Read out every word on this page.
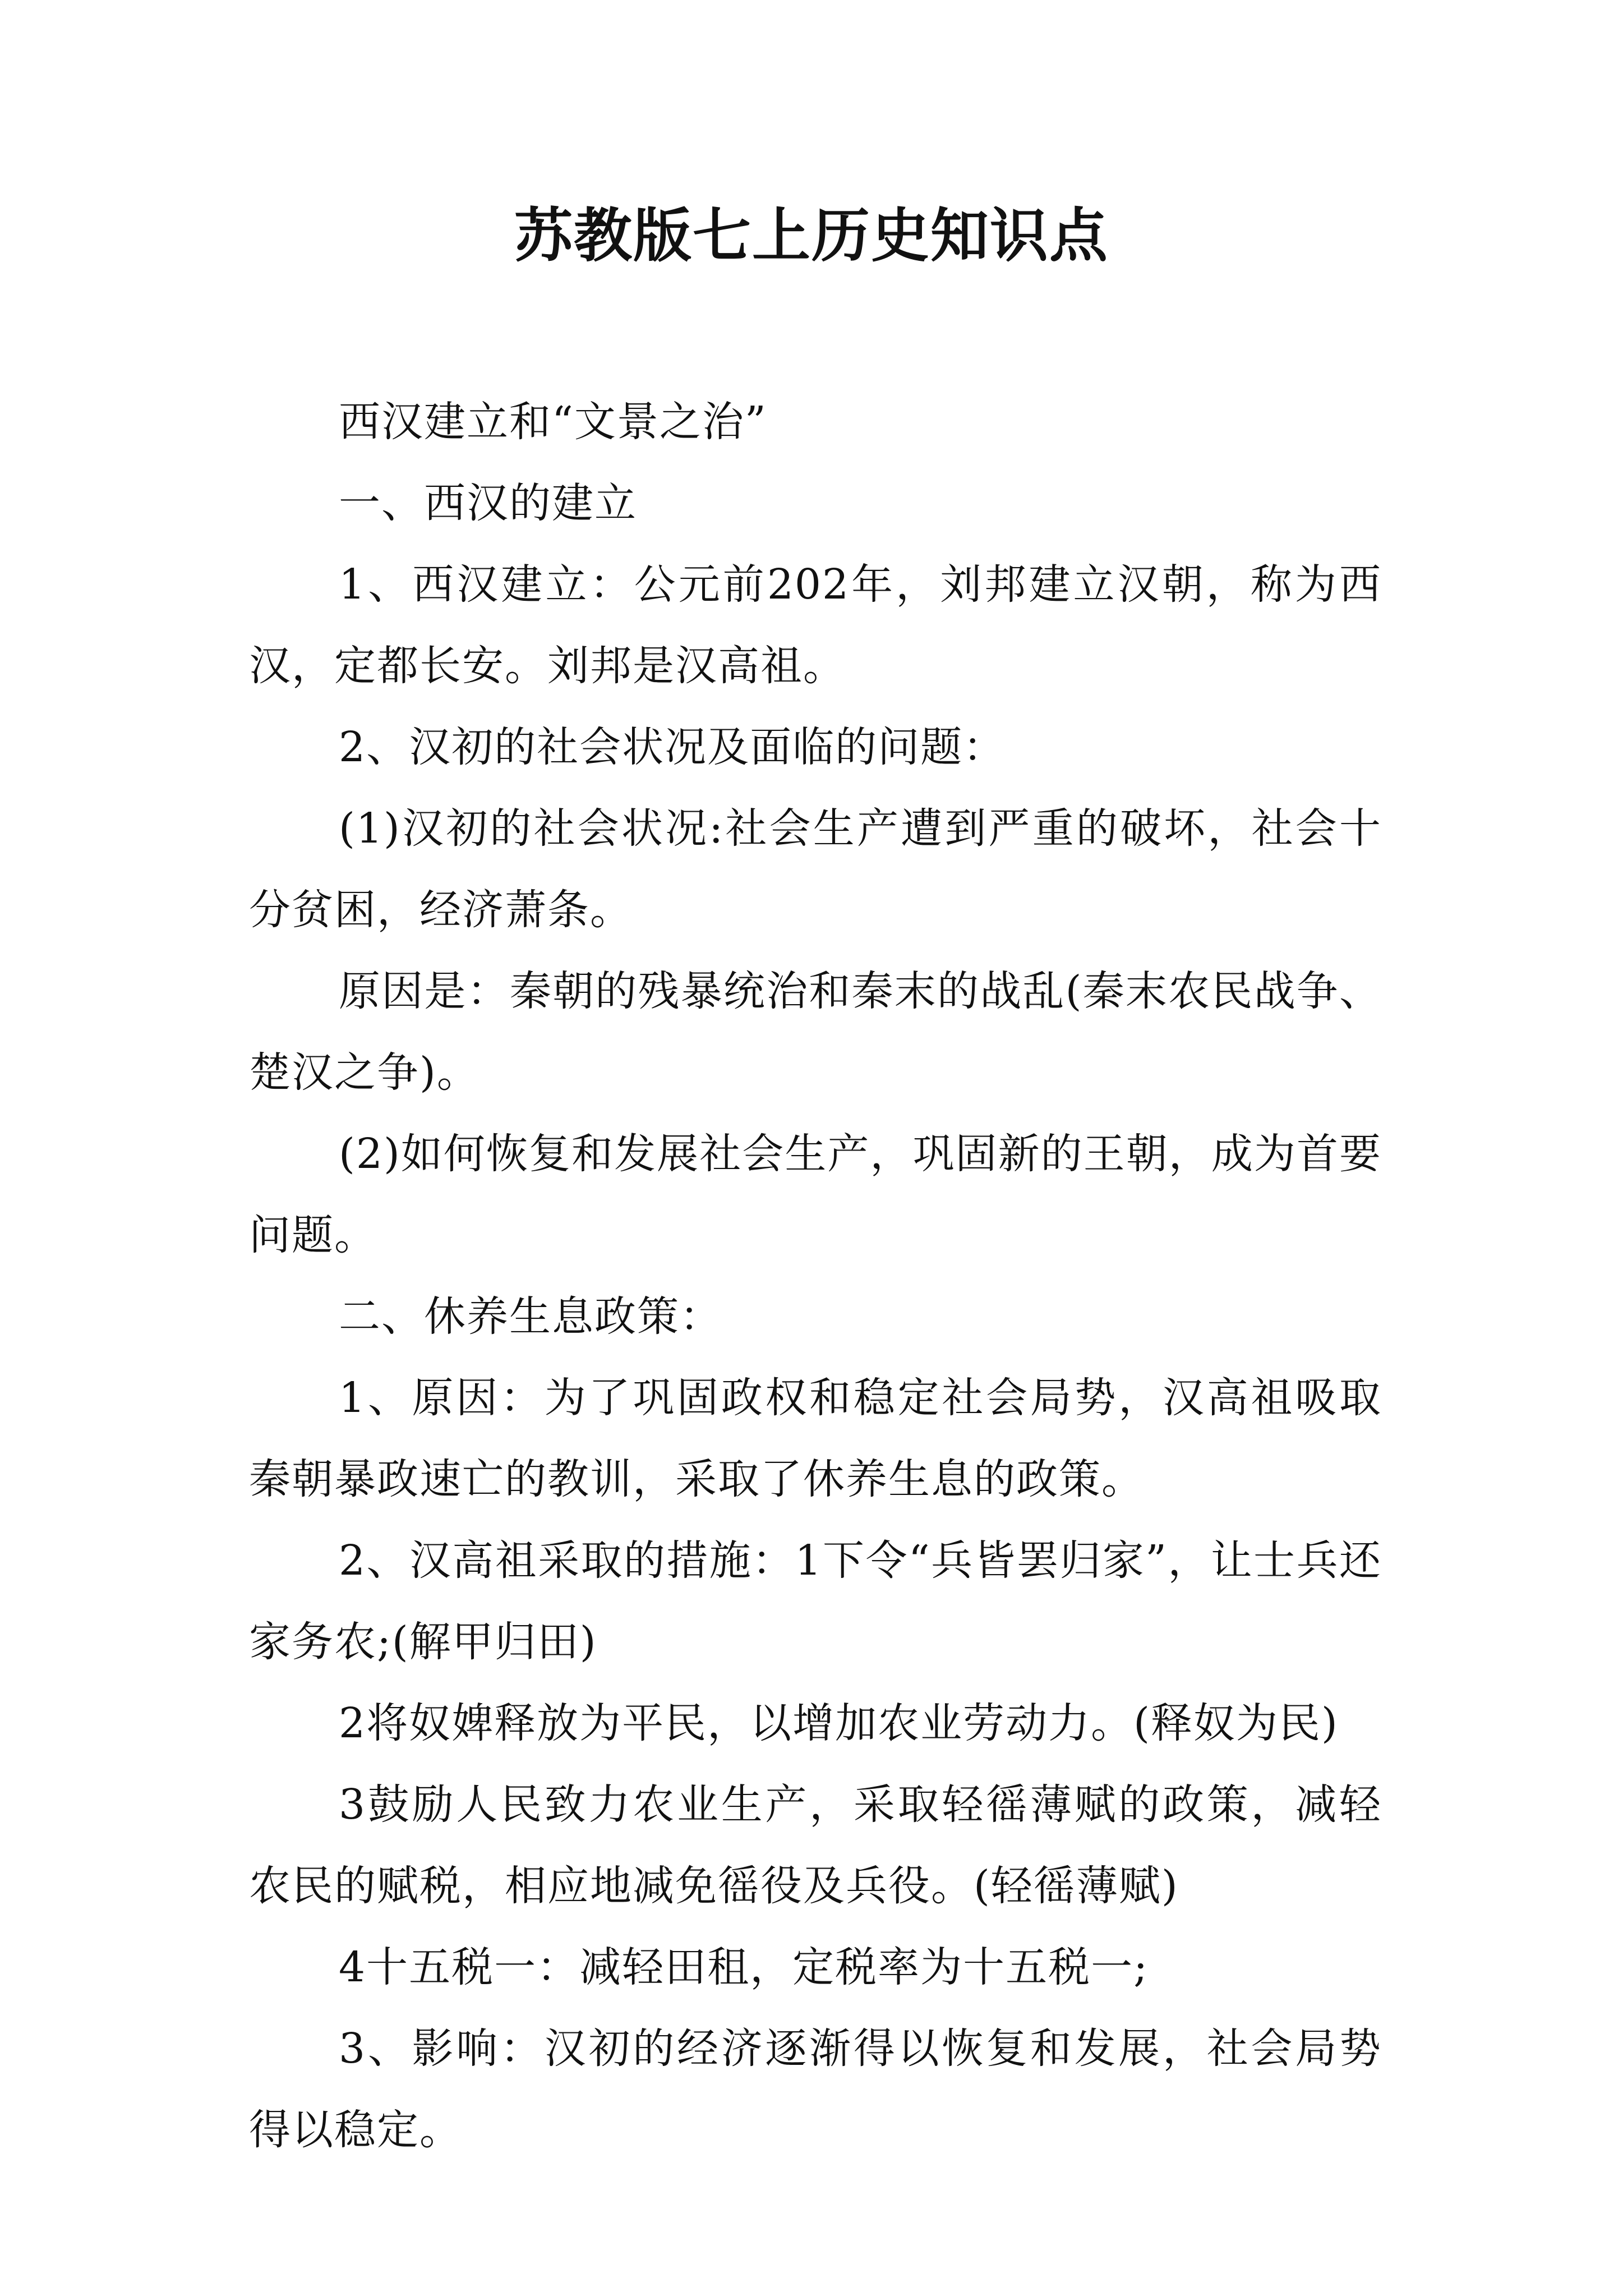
苏教版七上历史知识点

西汉建立和“文景之治”

一、西汉的建立

1、西汉建立：公元前202年，刘邦建立汉朝，称为西汉，定都长安。刘邦是汉高祖。

2、汉初的社会状况及面临的问题：

(1)汉初的社会状况:社会生产遭到严重的破坏，社会十分贫困，经济萧条。

原因是：秦朝的残暴统治和秦末的战乱(秦末农民战争、楚汉之争)。

(2)如何恢复和发展社会生产，巩固新的王朝，成为首要问题。

二、休养生息政策：

1、原因：为了巩固政权和稳定社会局势，汉高祖吸取秦朝暴政速亡的教训，采取了休养生息的政策。

2、汉高祖采取的措施：1下令“兵皆罢归家”，让士兵还家务农;(解甲归田)

2将奴婢释放为平民，以增加农业劳动力。(释奴为民)

3鼓励人民致力农业生产，采取轻徭薄赋的政策，减轻农民的赋税，相应地减免徭役及兵役。(轻徭薄赋)

4十五税一：减轻田租，定税率为十五税一;

3、影响：汉初的经济逐渐得以恢复和发展，社会局势得以稳定。
